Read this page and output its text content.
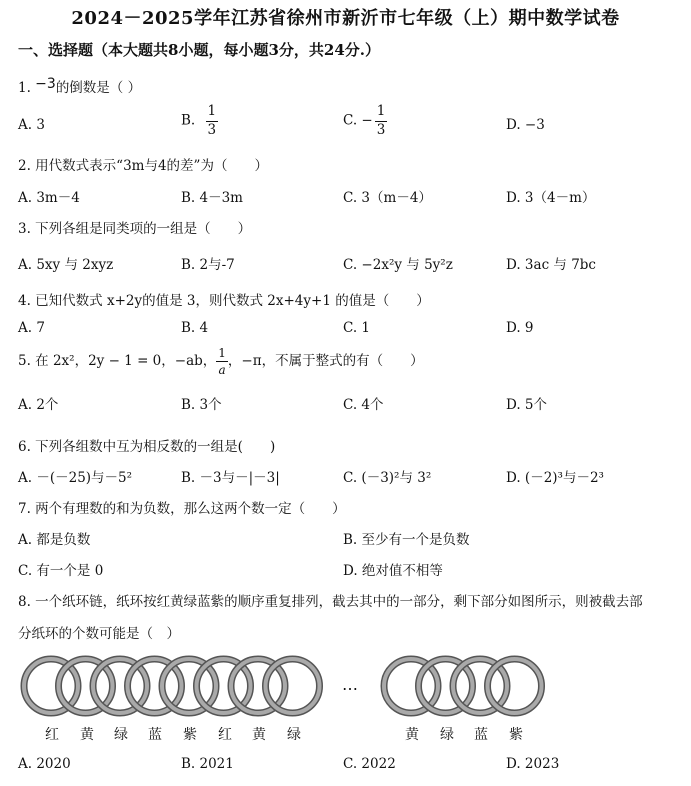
2024－2025学年江苏省徐州市新沂市七年级（上）期中数学试卷
一、选择题（本大题共8小题，每小题3分，共24分.）
1. −3的倒数是（ ）
A. 3	B. $\frac{1}{3}$	C. − $\frac{1}{3}$	D. −3
2. 用代数式表示“3m与4的差”为（　　）
A. 3m－4	B. 4－3m	C. 3（m－4）	D. 3（4－m）
3. 下列各组是同类项的一组是（　　）
A. 5xy 与 2xyz	B. 2与-7	C. −2x²y 与 5y²z	D. 3ac 与 7bc
4. 已知代数式 x+2y的值是 3，则代数式 2x+4y+1 的值是（　　）
A. 7	B. 4	C. 1	D. 9
5. 在 2x²，2y − 1 = 0，−ab， $\frac{1}{a}$ ，−π，不属于整式的有（　　）
A. 2个	B. 3个	C. 4个	D. 5个
6. 下列各组数中互为相反数的一组是(　　)
A. －(－25)与－5²	B. －3与－|－3|	C. (－3)²与 3²	D. (－2)³与－2³
7. 两个有理数的和为负数，那么这两个数一定（　　）
A. 都是负数	B. 至少有一个是负数
C. 有一个是 0	D. 绝对值不相等
8. 一个纸环链，纸环按红黄绿蓝紫的顺序重复排列，截去其中的一部分，剩下部分如图所示，则被截去部
分纸环的个数可能是（　）
…
红 黄 绿 蓝 紫 红 黄 绿	黄 绿 蓝 紫
A. 2020	B. 2021	C. 2022	D. 2023
